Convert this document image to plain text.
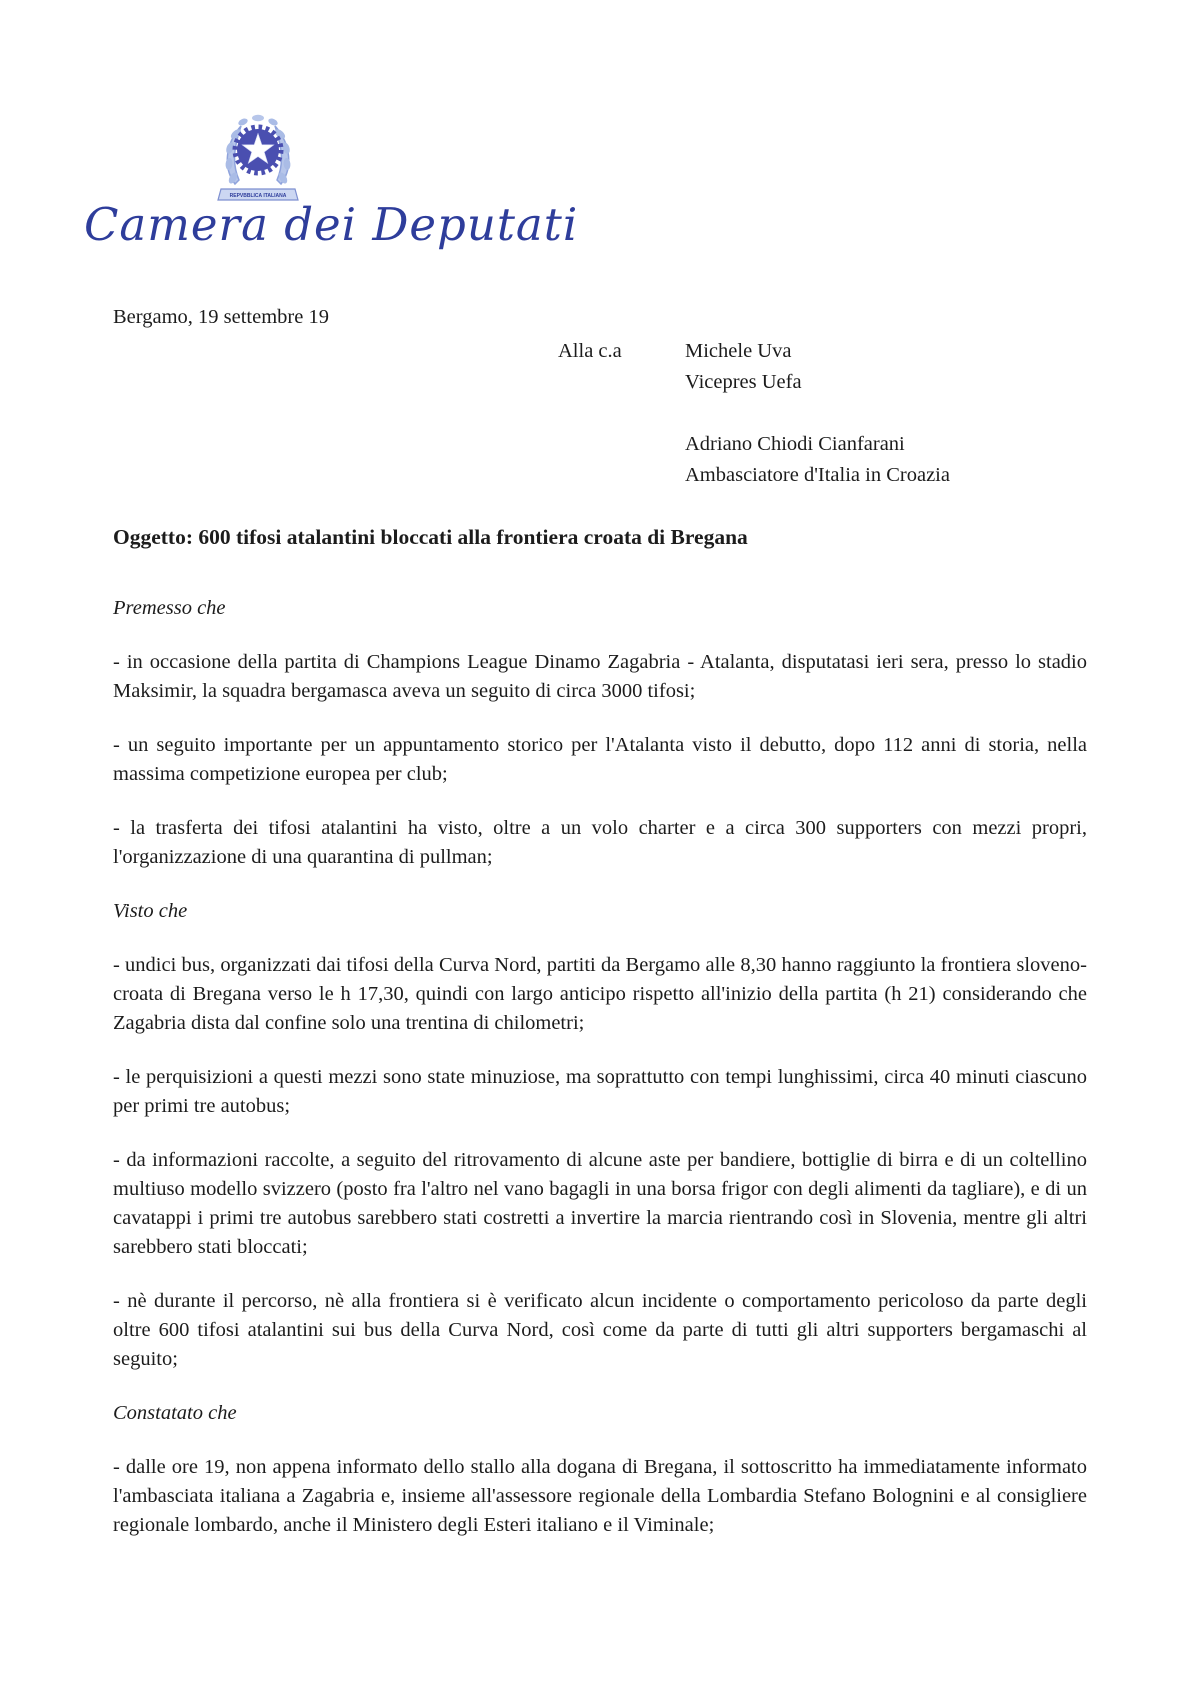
REPVBBLICA ITALIANA
Camera dei Deputati
Bergamo, 19 settembre 19
Alla c.a	Michele Uva
Vicepres Uefa
Adriano Chiodi Cianfarani
Ambasciatore d'Italia in Croazia
Oggetto: 600 tifosi atalantini bloccati alla frontiera croata di Bregana
Premesso che

- in occasione della partita di Champions League Dinamo Zagabria - Atalanta, disputatasi ieri sera, presso lo stadio Maksimir, la squadra bergamasca aveva un seguito di circa 3000 tifosi;

- un seguito importante per un appuntamento storico per l'Atalanta visto il debutto, dopo 112 anni di storia, nella massima competizione europea per club;

- la trasferta dei tifosi atalantini ha visto, oltre a un volo charter e a circa 300 supporters con mezzi propri, l'organizzazione di una quarantina di pullman;

Visto che

- undici bus, organizzati dai tifosi della Curva Nord, partiti da Bergamo alle 8,30 hanno raggiunto la frontiera sloveno-croata di Bregana verso le h 17,30, quindi con largo anticipo rispetto all'inizio della partita (h 21) considerando che Zagabria dista dal confine solo una trentina di chilometri;

- le perquisizioni a questi mezzi sono state minuziose, ma soprattutto con tempi lunghissimi, circa 40 minuti ciascuno per primi tre autobus;

- da informazioni raccolte, a seguito del ritrovamento di alcune aste per bandiere, bottiglie di birra e di un coltellino multiuso modello svizzero (posto fra l'altro nel vano bagagli in una borsa frigor con degli alimenti da tagliare), e di un cavatappi i primi tre autobus sarebbero stati costretti a invertire la marcia rientrando così in Slovenia, mentre gli altri sarebbero stati bloccati;

- nè durante il percorso, nè alla frontiera si è verificato alcun incidente o comportamento pericoloso da parte degli oltre 600 tifosi atalantini sui bus della Curva Nord, così come da parte di tutti gli altri supporters bergamaschi al seguito;

Constatato che

- dalle ore 19, non appena informato dello stallo alla dogana di Bregana, il sottoscritto ha immediatamente informato l'ambasciata italiana a Zagabria e, insieme all'assessore regionale della Lombardia Stefano Bolognini e al consigliere regionale lombardo, anche il Ministero degli Esteri italiano e il Viminale;
